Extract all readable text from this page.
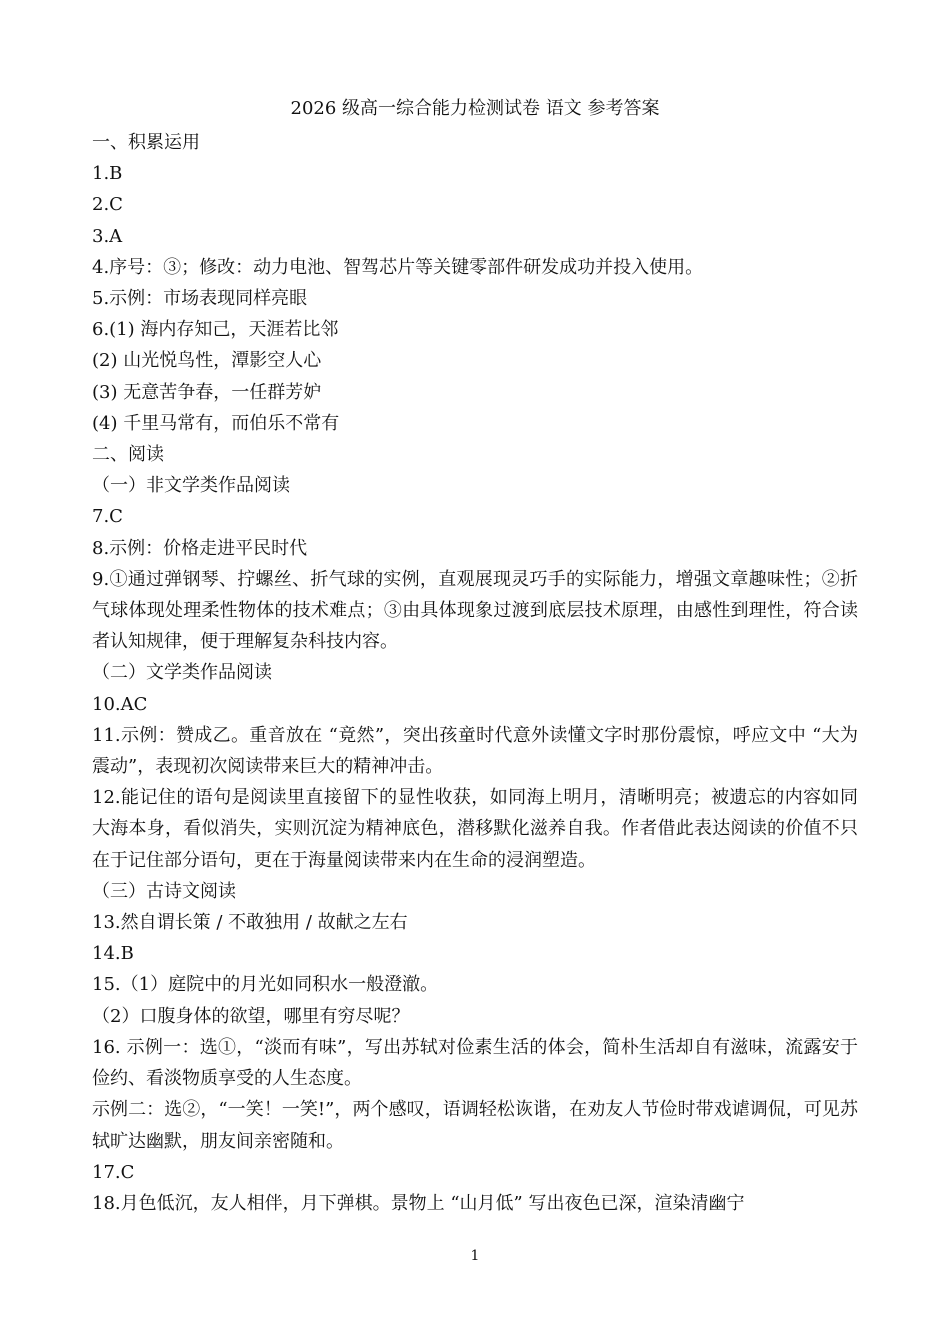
2026 级高一综合能力检测试卷 语文 参考答案
一、积累运用
1.B
2.C
3.A
4.序号：③；修改：动力电池、智驾芯片等关键零部件研发成功并投入使用。
5.示例：市场表现同样亮眼
6.(1) 海内存知己，天涯若比邻
(2) 山光悦鸟性，潭影空人心
(3) 无意苦争春，一任群芳妒
(4) 千里马常有，而伯乐不常有
二、阅读
（一）非文学类作品阅读
7.C
8.示例：价格走进平民时代
9.①通过弹钢琴、拧螺丝、折气球的实例，直观展现灵巧手的实际能力，增强文章趣味性；②折气球体现处理柔性物体的技术难点；③由具体现象过渡到底层技术原理，由感性到理性，符合读者认知规律，便于理解复杂科技内容。
（二）文学类作品阅读
10.AC
11.示例：赞成乙。重音放在 “竟然”，突出孩童时代意外读懂文字时那份震惊，呼应文中 “大为震动”，表现初次阅读带来巨大的精神冲击。
12.能记住的语句是阅读里直接留下的显性收获，如同海上明月，清晰明亮；被遗忘的内容如同大海本身，看似消失，实则沉淀为精神底色，潜移默化滋养自我。作者借此表达阅读的价值不只在于记住部分语句，更在于海量阅读带来内在生命的浸润塑造。
（三）古诗文阅读
13.然自谓长策 / 不敢独用 / 故献之左右
14.B
15.（1）庭院中的月光如同积水一般澄澈。
（2）口腹身体的欲望，哪里有穷尽呢？
16. 示例一：选①，“淡而有味”，写出苏轼对俭素生活的体会，简朴生活却自有滋味，流露安于俭约、看淡物质享受的人生态度。
示例二：选②，“一笑！一笑!”，两个感叹，语调轻松诙谐，在劝友人节俭时带戏谑调侃，可见苏轼旷达幽默，朋友间亲密随和。
17.C
18.月色低沉，友人相伴，月下弹棋。景物上 “山月低” 写出夜色已深，渲染清幽宁
1
